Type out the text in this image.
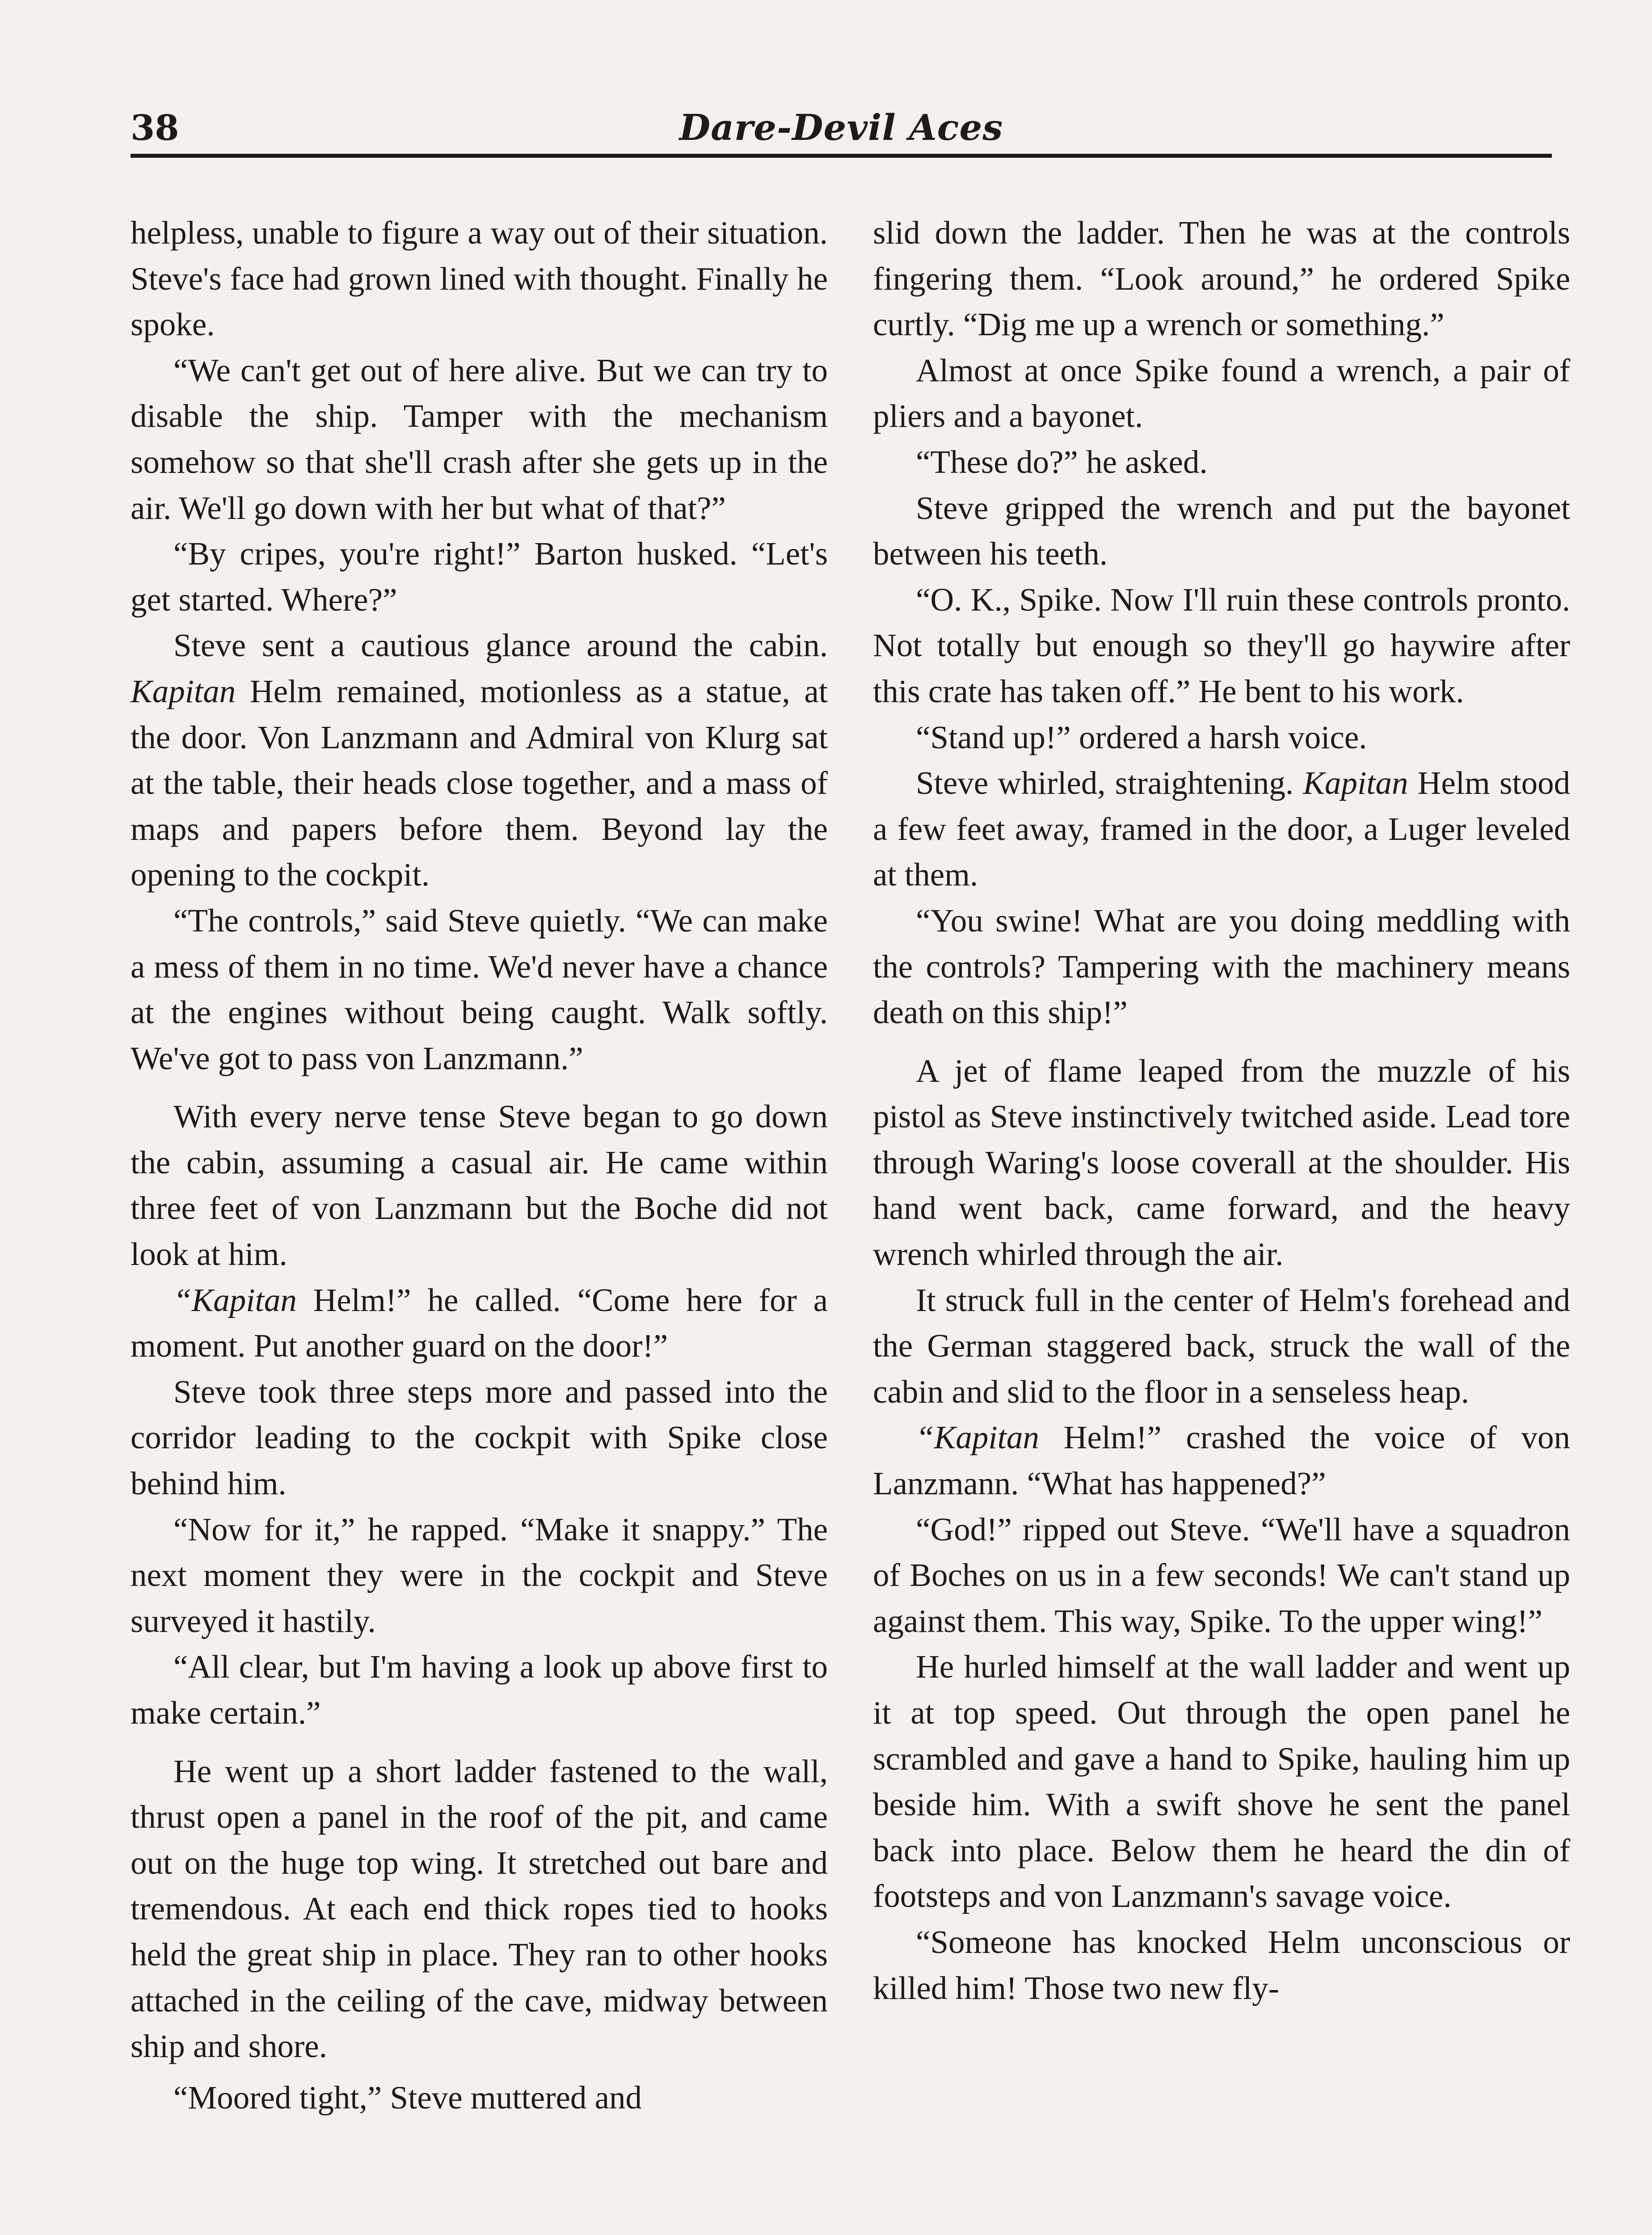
38	Dare-Devil Aces

helpless, unable to figure a way out of their situation. Steve's face had grown lined with thought. Finally he spoke.

“We can't get out of here alive. But we can try to disable the ship. Tamper with the mechanism somehow so that she'll crash after she gets up in the air. We'll go down with her but what of that?”

“By cripes, you're right!” Barton husked. “Let's get started. Where?”

Steve sent a cautious glance around the cabin. Kapitan Helm remained, motionless as a statue, at the door. Von Lanzmann and Admiral von Klurg sat at the table, their heads close together, and a mass of maps and papers before them. Beyond lay the opening to the cockpit.

“The controls,” said Steve quietly. “We can make a mess of them in no time. We'd never have a chance at the engines without being caught. Walk softly. We've got to pass von Lanzmann.”

With every nerve tense Steve began to go down the cabin, assuming a casual air. He came within three feet of von Lanzmann but the Boche did not look at him.

“Kapitan Helm!” he called. “Come here for a moment. Put another guard on the door!”

Steve took three steps more and passed into the corridor leading to the cockpit with Spike close behind him.

“Now for it,” he rapped. “Make it snappy.” The next moment they were in the cockpit and Steve surveyed it hastily.

“All clear, but I'm having a look up above first to make certain.”

He went up a short ladder fastened to the wall, thrust open a panel in the roof of the pit, and came out on the huge top wing. It stretched out bare and tremendous. At each end thick ropes tied to hooks held the great ship in place. They ran to other hooks attached in the ceiling of the cave, midway between ship and shore.

“Moored tight,” Steve muttered and

slid down the ladder. Then he was at the controls fingering them. “Look around,” he ordered Spike curtly. “Dig me up a wrench or something.”

Almost at once Spike found a wrench, a pair of pliers and a bayonet.

“These do?” he asked.

Steve gripped the wrench and put the bayonet between his teeth.

“O. K., Spike. Now I'll ruin these controls pronto. Not totally but enough so they'll go haywire after this crate has taken off.” He bent to his work.

“Stand up!” ordered a harsh voice.

Steve whirled, straightening. Kapitan Helm stood a few feet away, framed in the door, a Luger leveled at them.

“You swine! What are you doing meddling with the controls? Tampering with the machinery means death on this ship!”

A jet of flame leaped from the muzzle of his pistol as Steve instinctively twitched aside. Lead tore through Waring's loose coverall at the shoulder. His hand went back, came forward, and the heavy wrench whirled through the air.

It struck full in the center of Helm's forehead and the German staggered back, struck the wall of the cabin and slid to the floor in a senseless heap.

“Kapitan Helm!” crashed the voice of von Lanzmann. “What has happened?”

“God!” ripped out Steve. “We'll have a squadron of Boches on us in a few seconds! We can't stand up against them. This way, Spike. To the upper wing!”

He hurled himself at the wall ladder and went up it at top speed. Out through the open panel he scrambled and gave a hand to Spike, hauling him up beside him. With a swift shove he sent the panel back into place. Below them he heard the din of footsteps and von Lanzmann's savage voice.

“Someone has knocked Helm unconscious or killed him! Those two new fly-
